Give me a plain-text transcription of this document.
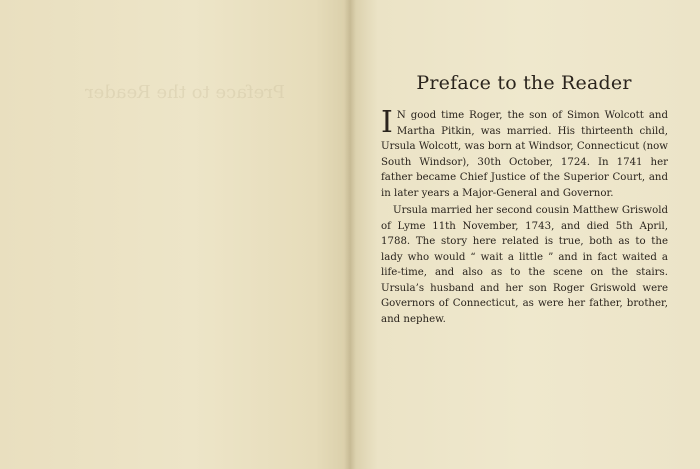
Preface to the Reader	Preface to the Reader

I N good time Roger, the son of Simon Wolcott and Martha Pitkin, was married. His thirteenth child, Ursula Wolcott, was born at Windsor, Connecticut (now South Windsor), 30th October, 1724. In 1741 her father became Chief Justice of the Superior Court, and in later years a Major-General and Governor.

Ursula married her second cousin Matthew Griswold of Lyme 11th November, 1743, and died 5th April, 1788. The story here related is true, both as to the lady who would “ wait a little ” and in fact waited a life-time, and also as to the scene on the stairs. Ursula’s husband and her son Roger Griswold were Governors of Connecticut, as were her father, brother, and nephew.
